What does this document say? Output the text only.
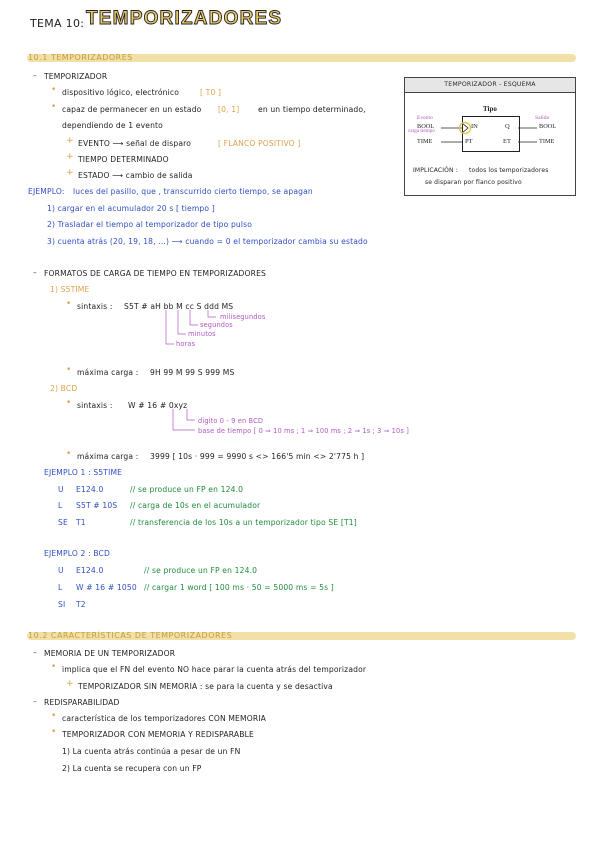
TEMA 10: TEMPORIZADORES
10.1 TEMPORIZADORES
– TEMPORIZADOR
• dispositivo lógico, electrónico	[ T0 ]
• capaz de permanecer en un estado [0, 1] en un tiempo determinado,
dependiendo de 1 evento
+ EVENTO ⟶ señal de disparo	[ FLANCO POSITIVO ]
+ TIEMPO DETERMINADO
+ ESTADO ⟶ cambio de salida
EJEMPLO: luces del pasillo, que , transcurrido cierto tiempo, se apagan
1) cargar en el acumulador 20 s [ tiempo ]
2) Trasladar el tiempo al temporizador de tipo pulso
3) cuenta atrás (20, 19, 18, ...) ⟶ cuando = 0 el temporizador cambia su estado
TEMPORIZADOR - ESQUEMA
Tipo
Evento
carga tiempo
Salida
BOOL
TIME
BOOL
TIME
IN	Q
PT	ET
IMPLICACIÓN : todos los temporizadores
se disparan por flanco positivo
– FORMATOS DE CARGA DE TIEMPO EN TEMPORIZADORES
1) S5TIME
• sintaxis : S5T # aH bb M cc S ddd MS
milisegundos
segundos
minutos
horas
• máxima carga : 9H 99 M 99 S 999 MS
2) BCD
• sintaxis : W # 16 # 0xyz
dígito 0 - 9 en BCD
base de tiempo [ 0 ⇒ 10 ms ; 1 ⇒ 100 ms ; 2 ⇒ 1s ; 3 ⇒ 10s ]
• máxima carga : 3999 [ 10s · 999 = 9990 s <> 166'5 min <> 2'775 h ]
EJEMPLO 1 : S5TIME
U E124.0	// se produce un FP en 124.0
L S5T # 10S // carga de 10s en el acumulador
SE T1	// transferencia de los 10s a un temporizador tipo SE [T1]
EJEMPLO 2 : BCD
U E124.0	// se produce un FP en 124.0
L W # 16 # 1050 // cargar 1 word [ 100 ms · 50 = 5000 ms = 5s ]
SI T2
10.2 CARACTERÍSTICAS DE TEMPORIZADORES
– MEMORIA DE UN TEMPORIZADOR
• implica que el FN del evento NO hace parar la cuenta atrás del temporizador
+ TEMPORIZADOR SIN MEMORIA : se para la cuenta y se desactiva
– REDISPARABILIDAD
• característica de los temporizadores CON MEMORIA
• TEMPORIZADOR CON MEMORIA Y REDISPARABLE
1) La cuenta atrás continúa a pesar de un FN
2) La cuenta se recupera con un FP
